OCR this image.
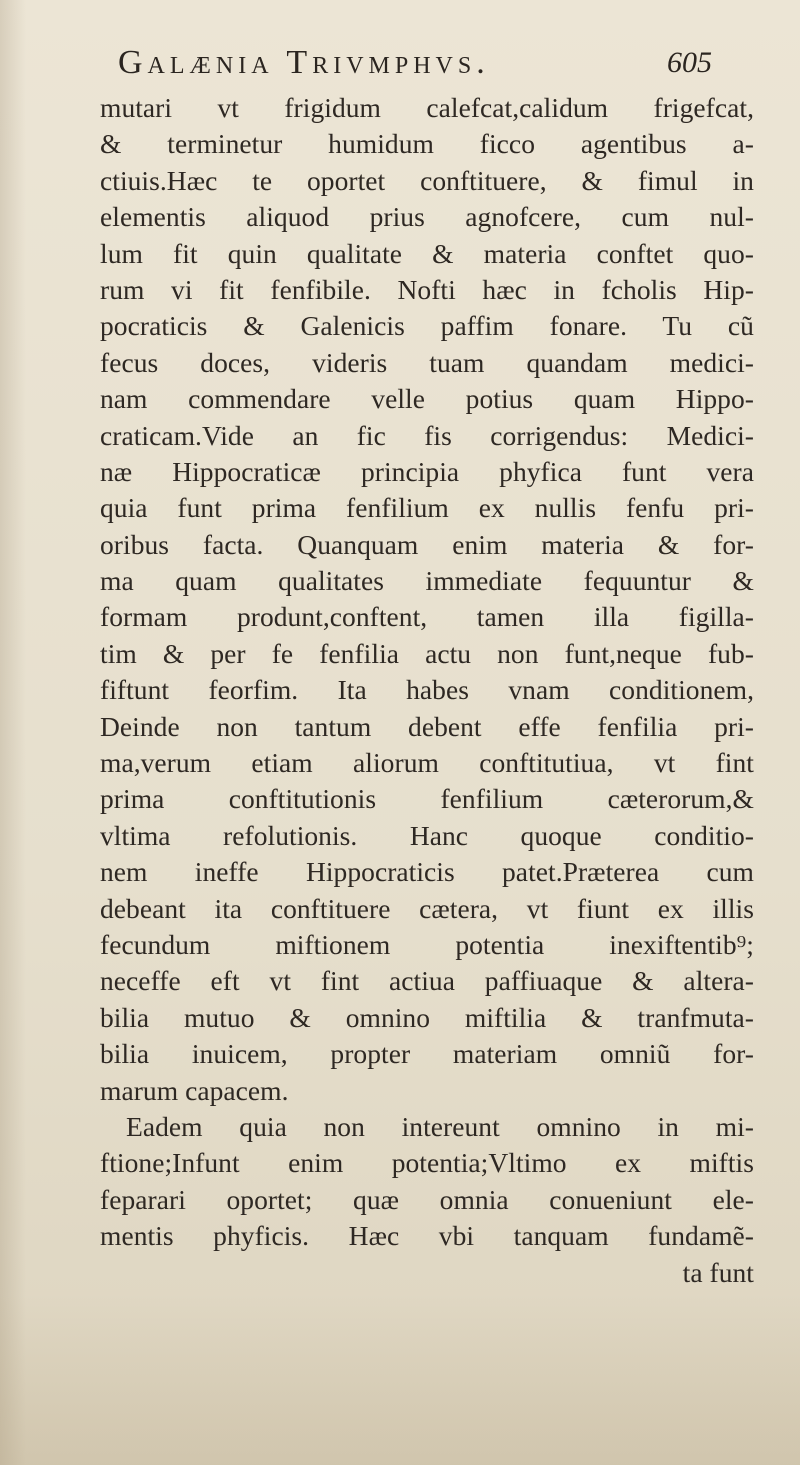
Galænia Trivmphvs.	605
mutari vt frigidum calefcat,calidum frigefcat,
& terminetur humidum ficco agentibus a-
ctiuis.Hæc te oportet conftituere, & fimul in
elementis aliquod prius agnofcere, cum nul-
lum fit quin qualitate & materia conftet quo-
rum vi fit fenfibile. Nofti hæc in fcholis Hip-
pocraticis & Galenicis paffim fonare. Tu cũ
fecus doces, videris tuam quandam medici-
nam commendare velle potius quam Hippo-
craticam.Vide an fic fis corrigendus: Medici-
næ Hippocraticæ principia phyfica funt vera
quia funt prima fenfilium ex nullis fenfu pri-
oribus facta. Quanquam enim materia & for-
ma quam qualitates immediate fequuntur &
formam produnt,conftent, tamen illa figilla-
tim & per fe fenfilia actu non funt,neque fub-
fiftunt feorfim. Ita habes vnam conditionem,
Deinde non tantum debent effe fenfilia pri-
ma,verum etiam aliorum conftitutiua, vt fint
prima conftitutionis fenfilium cæterorum,&
vltima refolutionis. Hanc quoque conditio-
nem ineffe Hippocraticis patet.Præterea cum
debeant ita conftituere cætera, vt fiunt ex illis
fecundum miftionem potentia inexiftentib⁹;
neceffe eft vt fint actiua paffiuaque & altera-
bilia mutuo & omnino miftilia & tranfmuta-
bilia inuicem, propter materiam omniũ for-
marum capacem.
Eadem quia non intereunt omnino in mi-
ftione;Infunt enim potentia;Vltimo ex miftis
feparari oportet; quæ omnia conueniunt ele-
mentis phyficis. Hæc vbi tanquam fundamẽ-
ta funt
